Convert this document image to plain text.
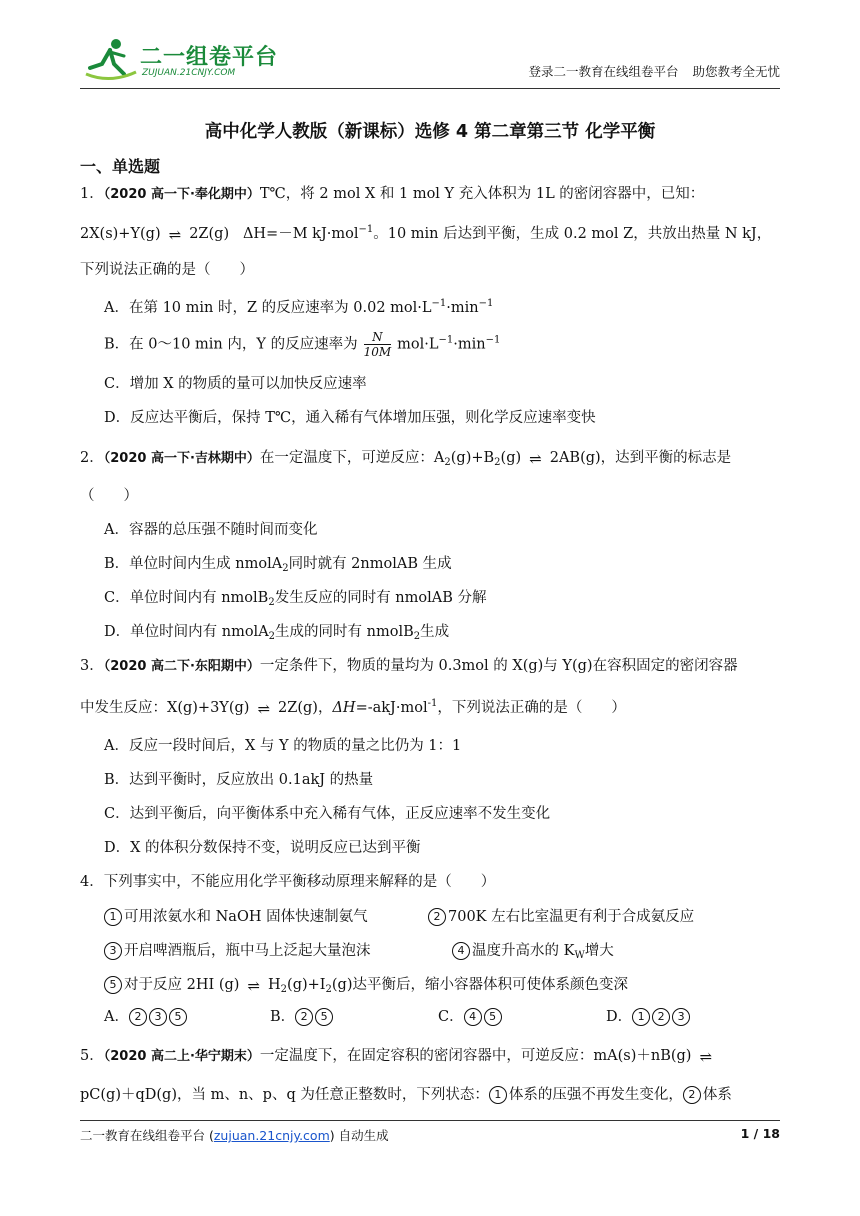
二一组卷平台
ZUJUAN.21CNJY.COM	登录二一教育在线组卷平台 助您教考全无忧
高中化学人教版（新课标）选修 4 第二章第三节 化学平衡
一、单选题
1．（2020 高一下·奉化期中）T℃，将 2 mol X 和 1 mol Y 充入体积为 1L 的密闭容器中，已知：
2X(s)+Y(g) ⇌ 2Z(g) ΔH=－M kJ·mol$^{-1}$。10 min 后达到平衡，生成 0.2 mol Z，共放出热量 N kJ，
下列说法正确的是（　　）
A．在第 10 min 时，Z 的反应速率为 0.02 $mol\cdot L^{-1}\cdot\min^{-1}$
B．在 0～10 min 内，Y 的反应速率为 $\frac{N}{10M} mol\cdot L^{-1}\cdot\min^{-1}$
C．增加 X 的物质的量可以加快反应速率
D．反应达平衡后，保持 T℃，通入稀有气体增加压强，则化学反应速率变快
2．（2020 高一下·吉林期中）在一定温度下，可逆反应：$A_2(g)+B_2(g)$ ⇌ 2AB(g)，达到平衡的标志是
（　　）
A．容器的总压强不随时间而变化
B．单位时间内生成 nmolA$_2$同时就有 2nmolAB 生成
C．单位时间内有 nmolB$_2$发生反应的同时有 nmolAB 分解
D．单位时间内有 nmolA$_2$生成的同时有 nmolB$_2$生成
3．（2020 高二下·东阳期中）一定条件下，物质的量均为 0.3mol 的 X(g)与 Y(g)在容积固定的密闭容器
中发生反应：X(g)+3Y(g) ⇌ 2Z(g)，ΔH=-akJ·mol$^{-1}$，下列说法正确的是（　　）
A．反应一段时间后，X 与 Y 的物质的量之比仍为 1：1
B．达到平衡时，反应放出 0.1akJ 的热量
C．达到平衡后，向平衡体系中充入稀有气体，正反应速率不发生变化
D．X 的体积分数保持不变，说明反应已达到平衡
4．下列事实中，不能应用化学平衡移动原理来解释的是（　　）
1 可用浓氨水和 NaOH 固体快速制氨气	2 700K 左右比室温更有利于合成氨反应
3 开启啤酒瓶后，瓶中马上泛起大量泡沫	4 温度升高水的 $K_W$增大
5 对于反应 2HI (g) ⇌ $H_2(g)+I_2(g)$达平衡后，缩小容器体积可使体系颜色变深
A． 2 3 5	B． 2 5	C． 4 5	D． 1 2 3
5．（2020 高二上·华宁期末）一定温度下，在固定容积的密闭容器中，可逆反应：mA(s)＋nB(g) ⇌
pC(g)＋qD(g)，当 m、n、p、q 为任意正整数时，下列状态： 1 体系的压强不再发生变化， 2 体系
二一教育在线组卷平台 (zujuan.21cnjy.com) 自动生成	1 / 18
